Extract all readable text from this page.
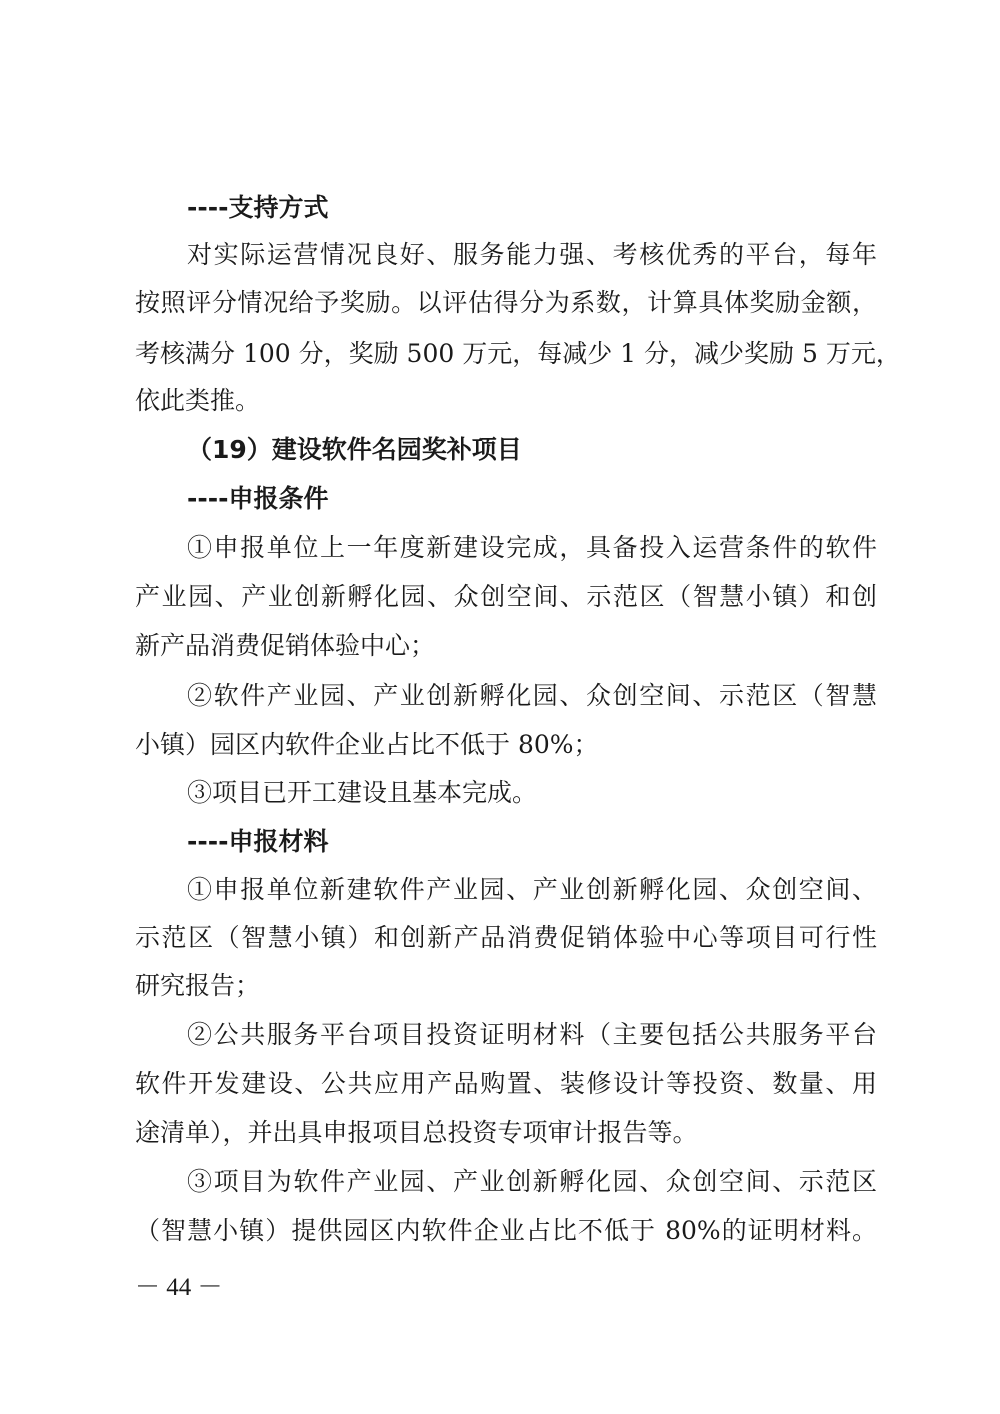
----支持方式
对实际运营情况良好、服务能力强、考核优秀的平台，每年
按照评分情况给予奖励。以评估得分为系数，计算具体奖励金额，
考核满分 100 分，奖励 500 万元，每减少 1 分，减少奖励 5 万元，
依此类推。
（19）建设软件名园奖补项目
----申报条件
①申报单位上一年度新建设完成，具备投入运营条件的软件
产业园、产业创新孵化园、众创空间、示范区（智慧小镇）和创
新产品消费促销体验中心；
②软件产业园、产业创新孵化园、众创空间、示范区（智慧
小镇）园区内软件企业占比不低于 80%；
③项目已开工建设且基本完成。
----申报材料
①申报单位新建软件产业园、产业创新孵化园、众创空间、
示范区（智慧小镇）和创新产品消费促销体验中心等项目可行性
研究报告；
②公共服务平台项目投资证明材料（主要包括公共服务平台
软件开发建设、公共应用产品购置、装修设计等投资、数量、用
途清单），并出具申报项目总投资专项审计报告等。
③项目为软件产业园、产业创新孵化园、众创空间、示范区
（智慧小镇）提供园区内软件企业占比不低于 80%的证明材料。
－ 44 －
